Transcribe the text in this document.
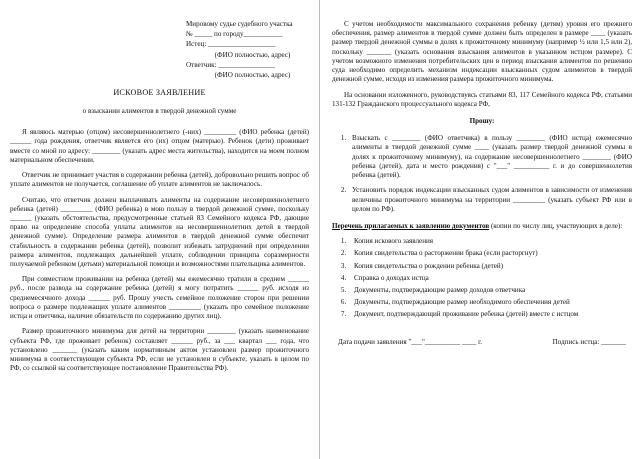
Мировому судье судебного участка
№ _____ по городу___________
Истец: ___________________
(ФИО полностью, адрес)
Ответчик: ________________
(ФИО полностью, адрес)
ИСКОВОЕ ЗАЯВЛЕНИЕ
о взыскании алиментов в твердой денежной сумме

Я являюсь матерью (отцом) несовершеннолетнего (-них) _________ (ФИО ребенка (детей) ______ года рождения, ответчик является его (их) отцом (матерью). Ребенок (дети) проживает вместе со мной по адресу: ________ (указать адрес места жительства), находится на моем полном материальном обеспечении.

Ответчик не принимает участия в содержании ребенка (детей), добровольно решить вопрос об уплате алиментов не получается, соглашение об уплате алиментов не заключалось.

Считаю, что ответчик должен выплачивать алименты на содержание несовершеннолетнего ребенка (детей) _________ (ФИО ребенка) в мою пользу в твердой денежной сумме, поскольку ______ (указать обстоятельства, предусмотренные статьей 83 Семейного кодекса РФ, дающие право на определение способа уплаты алиментов на несовершеннолетних детей в твердой денежной сумме). Определение размера алиментов в твердой денежной сумме обеспечит стабильность в содержании ребенка (детей), позволит избежать затруднений при определении размера алиментов, подлежащих дальнейшей уплате, соблюдении принципа соразмерности получаемой ребенком (детьми) материальной помощи и возможностями плательщика алиментов.

При совместном проживании на ребенка (детей) мы ежемесячно тратили в среднем ______ руб., после развода на содержание ребенка (детей) я могу потратить ______ руб. исходя из среднемесячного дохода ______ руб. Прошу учесть семейное положение сторон при решении вопроса о размере подлежащих уплате алиментов _________ (указать про семейное положение истца и ответчика, наличие обязательств по содержанию других лиц).

Размер прожиточного минимума для детей на территории ________ (указать наименование субъекта РФ, где проживает ребенок) составляет ______ руб., за ___ квартал ___ года, что установлено _______ (указать каким нормативным актом установлен размер прожиточного минимума в соответствующем субъекта РФ, если не установлен в субъекте, указать в целом по РФ, со ссылкой на соответствующее постановление Правительства РФ).

С учетом необходимости максимального сохранения ребенку (детям) уровня его прежнего обеспечения, размер алиментов в твердой сумме должен быть определен в размере ____ (указать размер твердой денежной суммы в долях к прожиточному минимуму (например ½ или 1,5 или 2), поскольку _______ (указать основания взыскания алиментов в указанном истцом размере). С учетом возможного изменения потребительских цен в период взыскания алиментов по решению суда необходимо определить механизм индексации взысканных судом алиментов в твердой денежной сумме, исходя из изменения размера прожиточного минимума.

На основании изложенного, руководствуясь статьями 83, 117 Семейного кодекса РФ, статьями 131-132 Гражданского процессуального кодекса РФ,

Прошу:
1. Взыскать с ________ (ФИО ответчика) в пользу ________ (ФИО истца) ежемесячно алименты в твердой денежной сумме ____ (указать размер твердой денежной суммы в долях к прожиточному минимуму), на содержание несовершеннолетнего ________ (ФИО ребенка (детей), дата и место рождения) с "___" __________ г. и до совершеннолетия ребенка (детей).
2. Установить порядок индексации взысканных судом алиментов в зависимости от изменения величины прожиточного минимума на территории _________ (указать субъект РФ или в целом по РФ).

Перечень прилагаемых к заявлению документов (копии по числу лиц, участвующих в деле):

1. Копия искового заявления
2. Копия свидетельства о расторжении брака (если расторгнут)
3. Копия свидетельства о рождении ребенка (детей)
4. Справка о доходах истца
5. Документы, подтверждающие размер доходов ответчика
6. Документы, подтверждающие размер необходимого обеспечения детей
7. Документ, подтверждающий проживание ребенка (детей) вместе с истцом
Дата подачи заявления "___"__________ ____ г.	Подпись истца: _______
